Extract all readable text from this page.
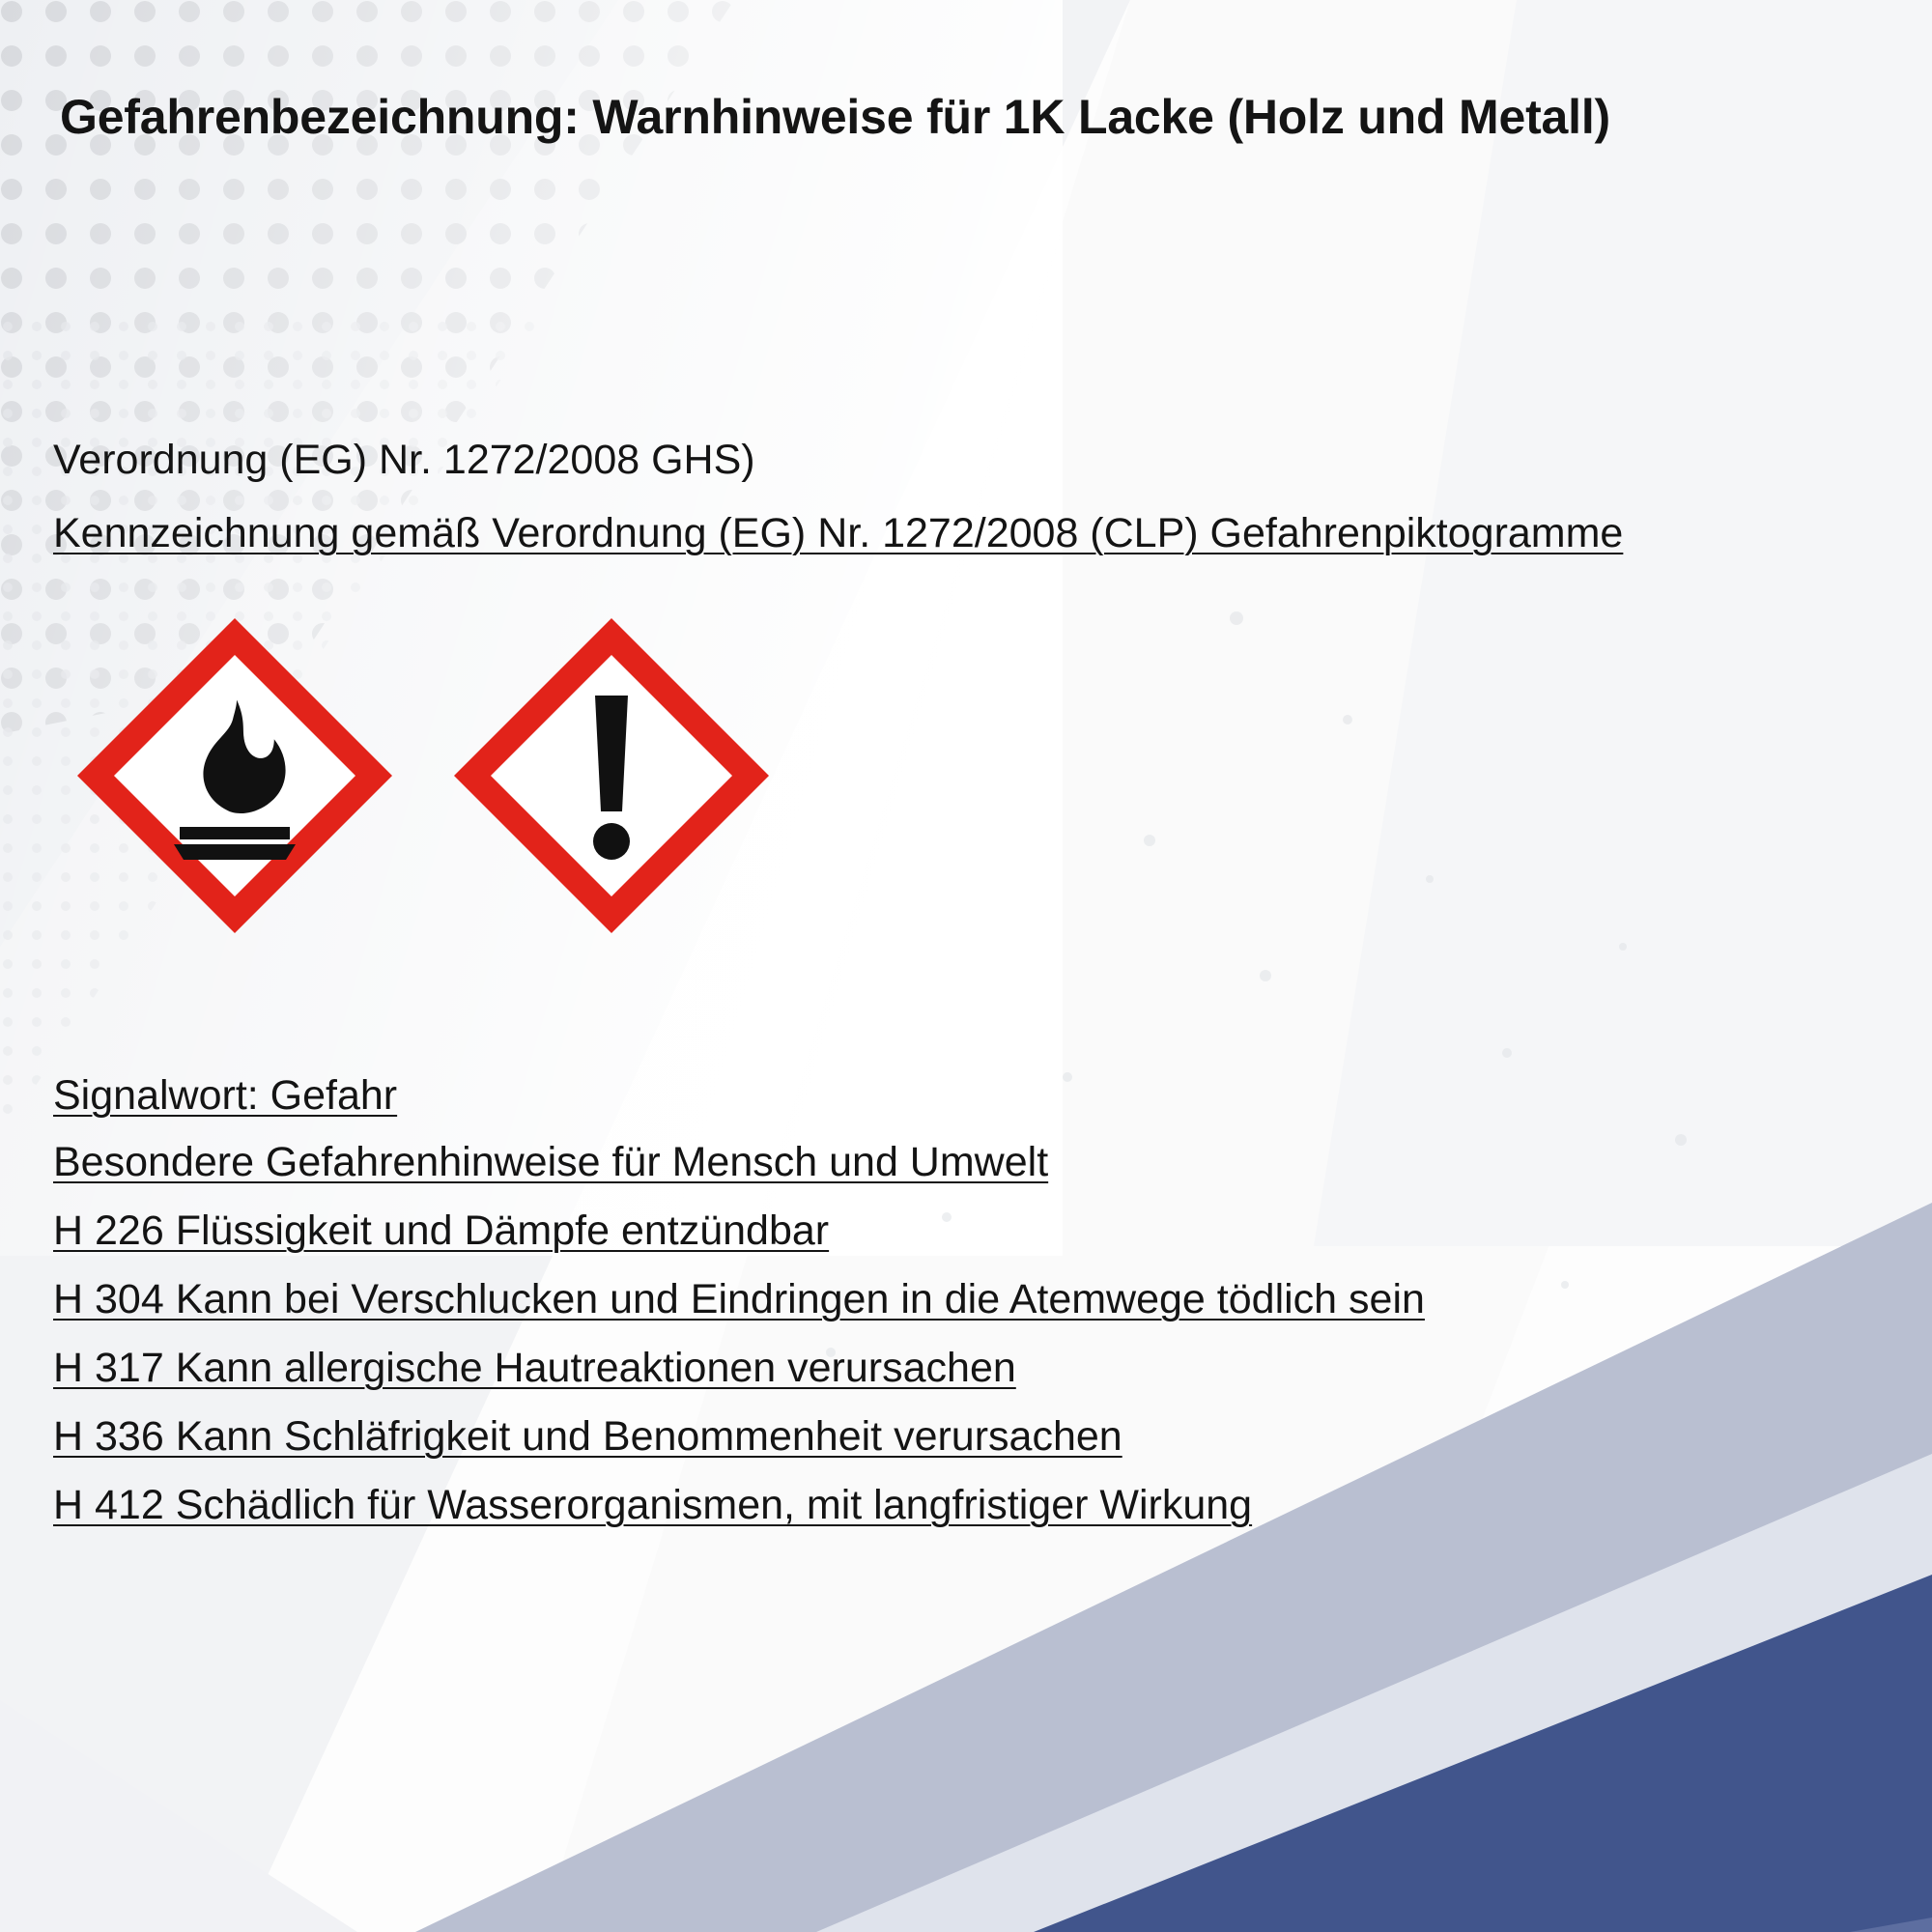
Gefahrenbezeichnung: Warnhinweise für 1K Lacke (Holz und Metall)
Verordnung (EG) Nr. 1272/2008 GHS)
Kennzeichnung gemäß Verordnung (EG) Nr. 1272/2008 (CLP) Gefahrenpiktogramme
Signalwort: Gefahr
Besondere Gefahrenhinweise für Mensch und Umwelt
H 226 Flüssigkeit und Dämpfe entzündbar
H 304 Kann bei Verschlucken und Eindringen in die Atemwege tödlich sein
H 317 Kann allergische Hautreaktionen verursachen
H 336 Kann Schläfrigkeit und Benommenheit verursachen
H 412 Schädlich für Wasserorganismen, mit langfristiger Wirkung
